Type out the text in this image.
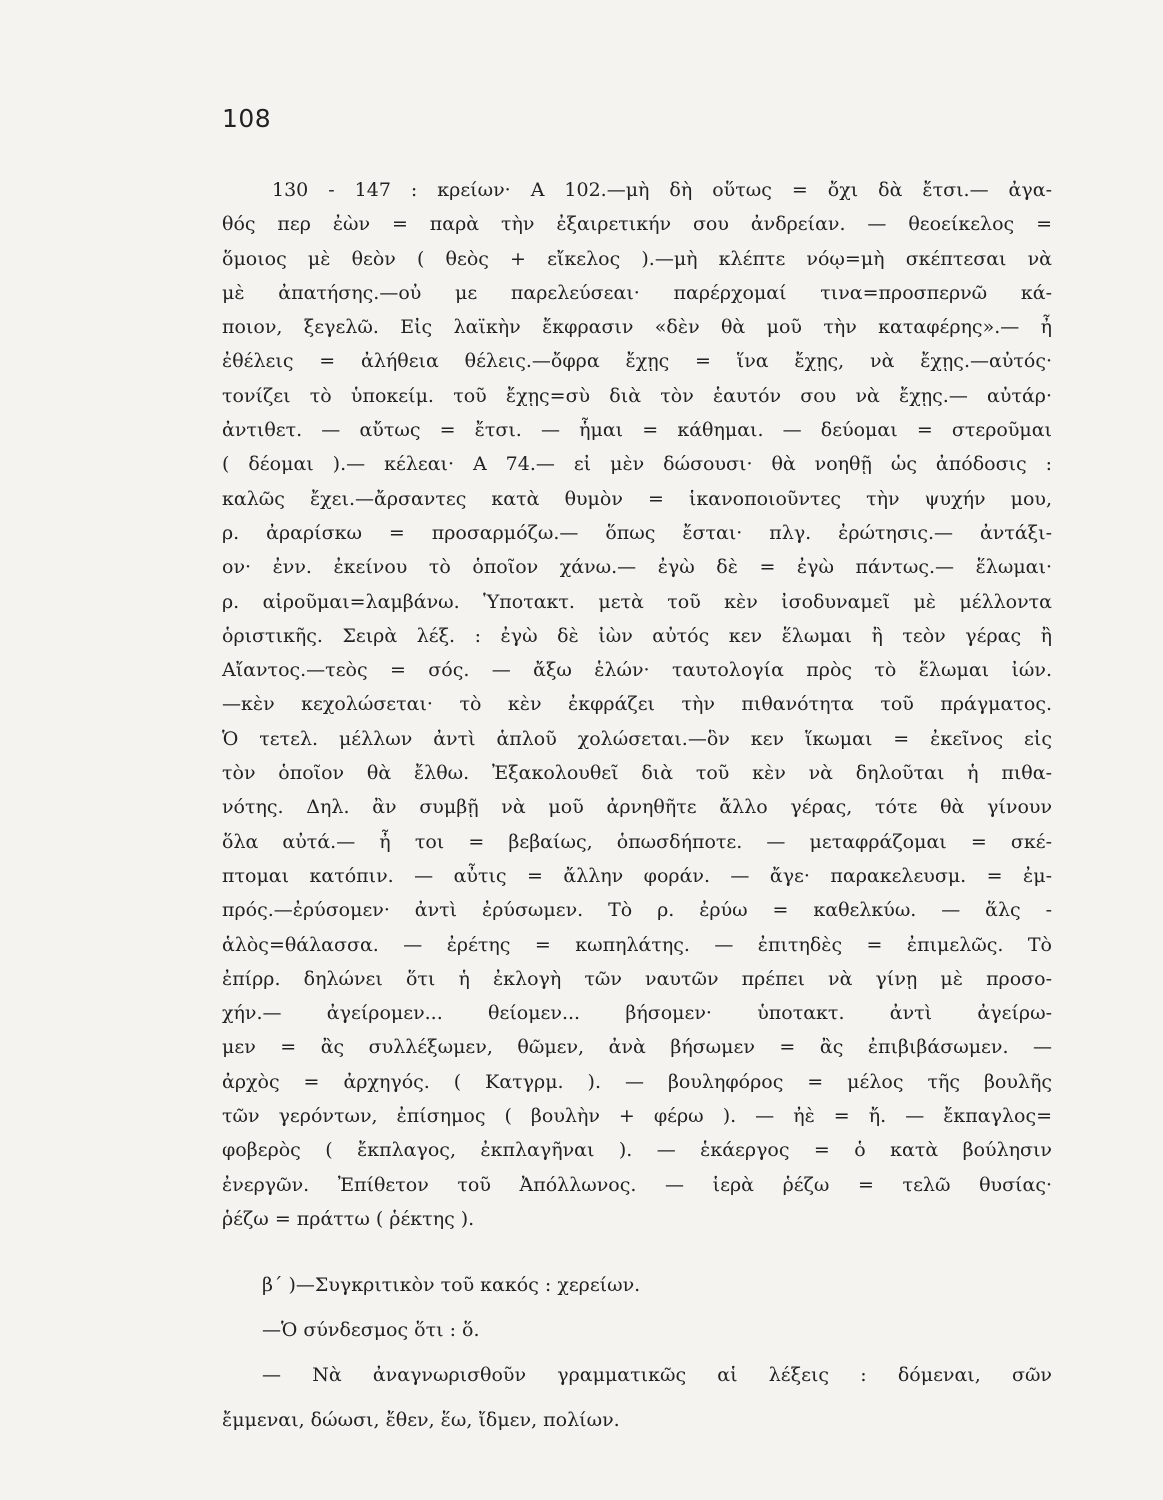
108
130 - 147 : κρείων· Α 102.—μὴ δὴ οὕτως = ὄχι δὰ ἔτσι.— ἀγα-
θός περ ἐὼν = παρὰ τὴν ἐξαιρετικήν σου ἀνδρείαν. — θεοείκελος =
ὅμοιος μὲ θεὸν ( θεὸς + εἴκελος ).—μὴ κλέπτε νόῳ=μὴ σκέπτεσαι νὰ
μὲ ἀπατήσης.—οὐ με παρελεύσεαι· παρέρχομαί τινα=προσπερνῶ κά-
ποιον, ξεγελῶ. Εἰς λαϊκὴν ἔκφρασιν «δὲν θὰ μοῦ τὴν καταφέρης».— ἦ
ἐθέλεις = ἀλήθεια θέλεις.—ὄφρα ἔχῃς = ἵνα ἔχῃς, νὰ ἔχῃς.—αὐτός·
τονίζει τὸ ὑποκείμ. τοῦ ἔχῃς=σὺ διὰ τὸν ἑαυτόν σου νὰ ἔχῃς.— αὐτάρ·
ἀντιθετ. — αὔτως = ἔτσι. — ἧμαι = κάθημαι. — δεύομαι = στεροῦμαι
( δέομαι ).— κέλεαι· Α 74.— εἰ μὲν δώσουσι· θὰ νοηθῇ ὡς ἀπόδοσις :
καλῶς ἔχει.—ἄρσαντες κατὰ θυμὸν = ἱκανοποιοῦντες τὴν ψυχήν μου,
ρ. ἀραρίσκω = προσαρμόζω.— ὅπως ἔσται· πλγ. ἐρώτησις.— ἀντάξι-
ον· ἐνν. ἐκείνου τὸ ὁποῖον χάνω.— ἐγὼ δὲ = ἐγὼ πάντως.— ἕλωμαι·
ρ. αἱροῦμαι=λαμβάνω. Ὑποτακτ. μετὰ τοῦ κὲν ἰσοδυναμεῖ μὲ μέλλοντα
ὁριστικῆς. Σειρὰ λέξ. : ἐγὼ δὲ ἰὼν αὐτός κεν ἕλωμαι ἢ τεὸν γέρας ἢ
Αἴαντος.—τεὸς = σός. — ἄξω ἑλών· ταυτολογία πρὸς τὸ ἕλωμαι ἰών.
—κὲν κεχολώσεται· τὸ κὲν ἐκφράζει τὴν πιθανότητα τοῦ πράγματος.
Ὁ τετελ. μέλλων ἀντὶ ἁπλοῦ χολώσεται.—ὃν κεν ἵκωμαι = ἐκεῖνος εἰς
τὸν ὁποῖον θὰ ἔλθω. Ἐξακολουθεῖ διὰ τοῦ κὲν νὰ δηλοῦται ἡ πιθα-
νότης. Δηλ. ἂν συμβῇ νὰ μοῦ ἀρνηθῆτε ἄλλο γέρας, τότε θὰ γίνουν
ὅλα αὐτά.— ἦ τοι = βεβαίως, ὁπωσδήποτε. — μεταφράζομαι = σκέ-
πτομαι κατόπιν. — αὖτις = ἄλλην φοράν. — ἄγε· παρακελευσμ. = ἐμ-
πρός.—ἐρύσομεν· ἀντὶ ἐρύσωμεν. Τὸ ρ. ἐρύω = καθελκύω. — ἅλς -
ἁλὸς=θάλασσα. — ἐρέτης = κωπηλάτης. — ἐπιτηδὲς = ἐπιμελῶς. Τὸ
ἐπίρρ. δηλώνει ὅτι ἡ ἐκλογὴ τῶν ναυτῶν πρέπει νὰ γίνῃ μὲ προσο-
χήν.— ἀγείρομεν... θείομεν... βήσομεν· ὑποτακτ. ἀντὶ ἀγείρω-
μεν = ἂς συλλέξωμεν, θῶμεν, ἀνὰ βήσωμεν = ἂς ἐπιβιβάσωμεν. —
ἀρχὸς = ἀρχηγός. ( Κατγρμ. ). — βουληφόρος = μέλος τῆς βουλῆς
τῶν γερόντων, ἐπίσημος ( βουλὴν + φέρω ). — ἠὲ = ἤ. — ἔκπαγλος=
φοβερὸς ( ἔκπλαγος, ἐκπλαγῆναι ). — ἑκάεργος = ὁ κατὰ βούλησιν
ἐνεργῶν. Ἐπίθετον τοῦ Ἀπόλλωνος. — ἱερὰ ῥέζω = τελῶ θυσίας·
ῥέζω = πράττω ( ῥέκτης ).
β΄ )—Συγκριτικὸν τοῦ κακός : χερείων.
—Ὁ σύνδεσμος ὅτι : ὅ.
— Νὰ ἀναγνωρισθοῦν γραμματικῶς αἱ λέξεις : δόμεναι, σῶν
ἔμμεναι, δώωσι, ἔθεν, ἕω, ἴδμεν, πολίων.
